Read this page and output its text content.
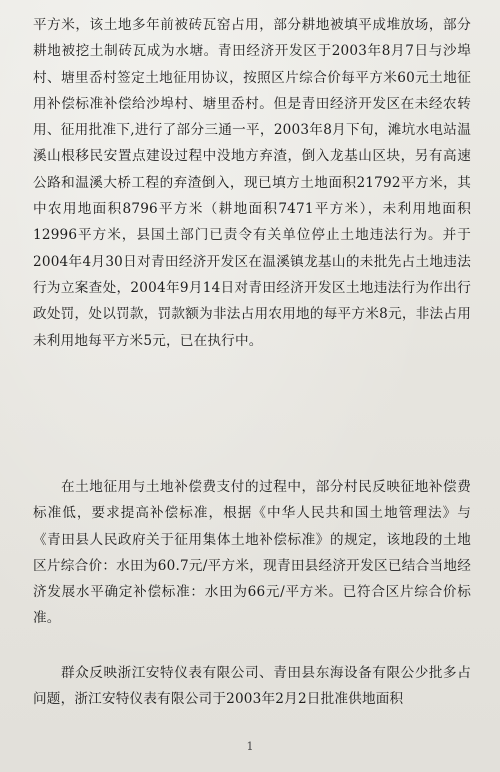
平方米，该土地多年前被砖瓦窑占用，部分耕地被填平成堆放场，部分耕地被挖土制砖瓦成为水塘。青田经济开发区于2003年8月7日与沙埠村、塘里岙村签定土地征用协议，按照区片综合价每平方米60元土地征用补偿标准补偿给沙埠村、塘里岙村。但是青田经济开发区在未经农转用、征用批准下,进行了部分三通一平，2003年8月下旬，滩坑水电站温溪山根移民安置点建设过程中没地方弃渣，倒入龙基山区块，另有高速公路和温溪大桥工程的弃渣倒入，现已填方土地面积21792平方米，其中农用地面积8796平方米（耕地面积7471平方米），未利用地面积12996平方米，县国土部门已责令有关单位停止土地违法行为。并于2004年4月30日对青田经济开发区在温溪镇龙基山的未批先占土地违法行为立案查处，2004年9月14日对青田经济开发区土地违法行为作出行政处罚，处以罚款，罚款额为非法占用农用地的每平方米8元，非法占用未利用地每平方米5元，已在执行中。

在土地征用与土地补偿费支付的过程中，部分村民反映征地补偿费标准低，要求提高补偿标准，根据《中华人民共和国土地管理法》与《青田县人民政府关于征用集体土地补偿标准》的规定，该地段的土地区片综合价：水田为60.7元/平方米，现青田县经济开发区已结合当地经济发展水平确定补偿标准：水田为66元/平方米。已符合区片综合价标准。

群众反映浙江安特仪表有限公司、青田县东海设备有限公少批多占问题，浙江安特仪表有限公司于2003年2月2日批准供地面积

1
